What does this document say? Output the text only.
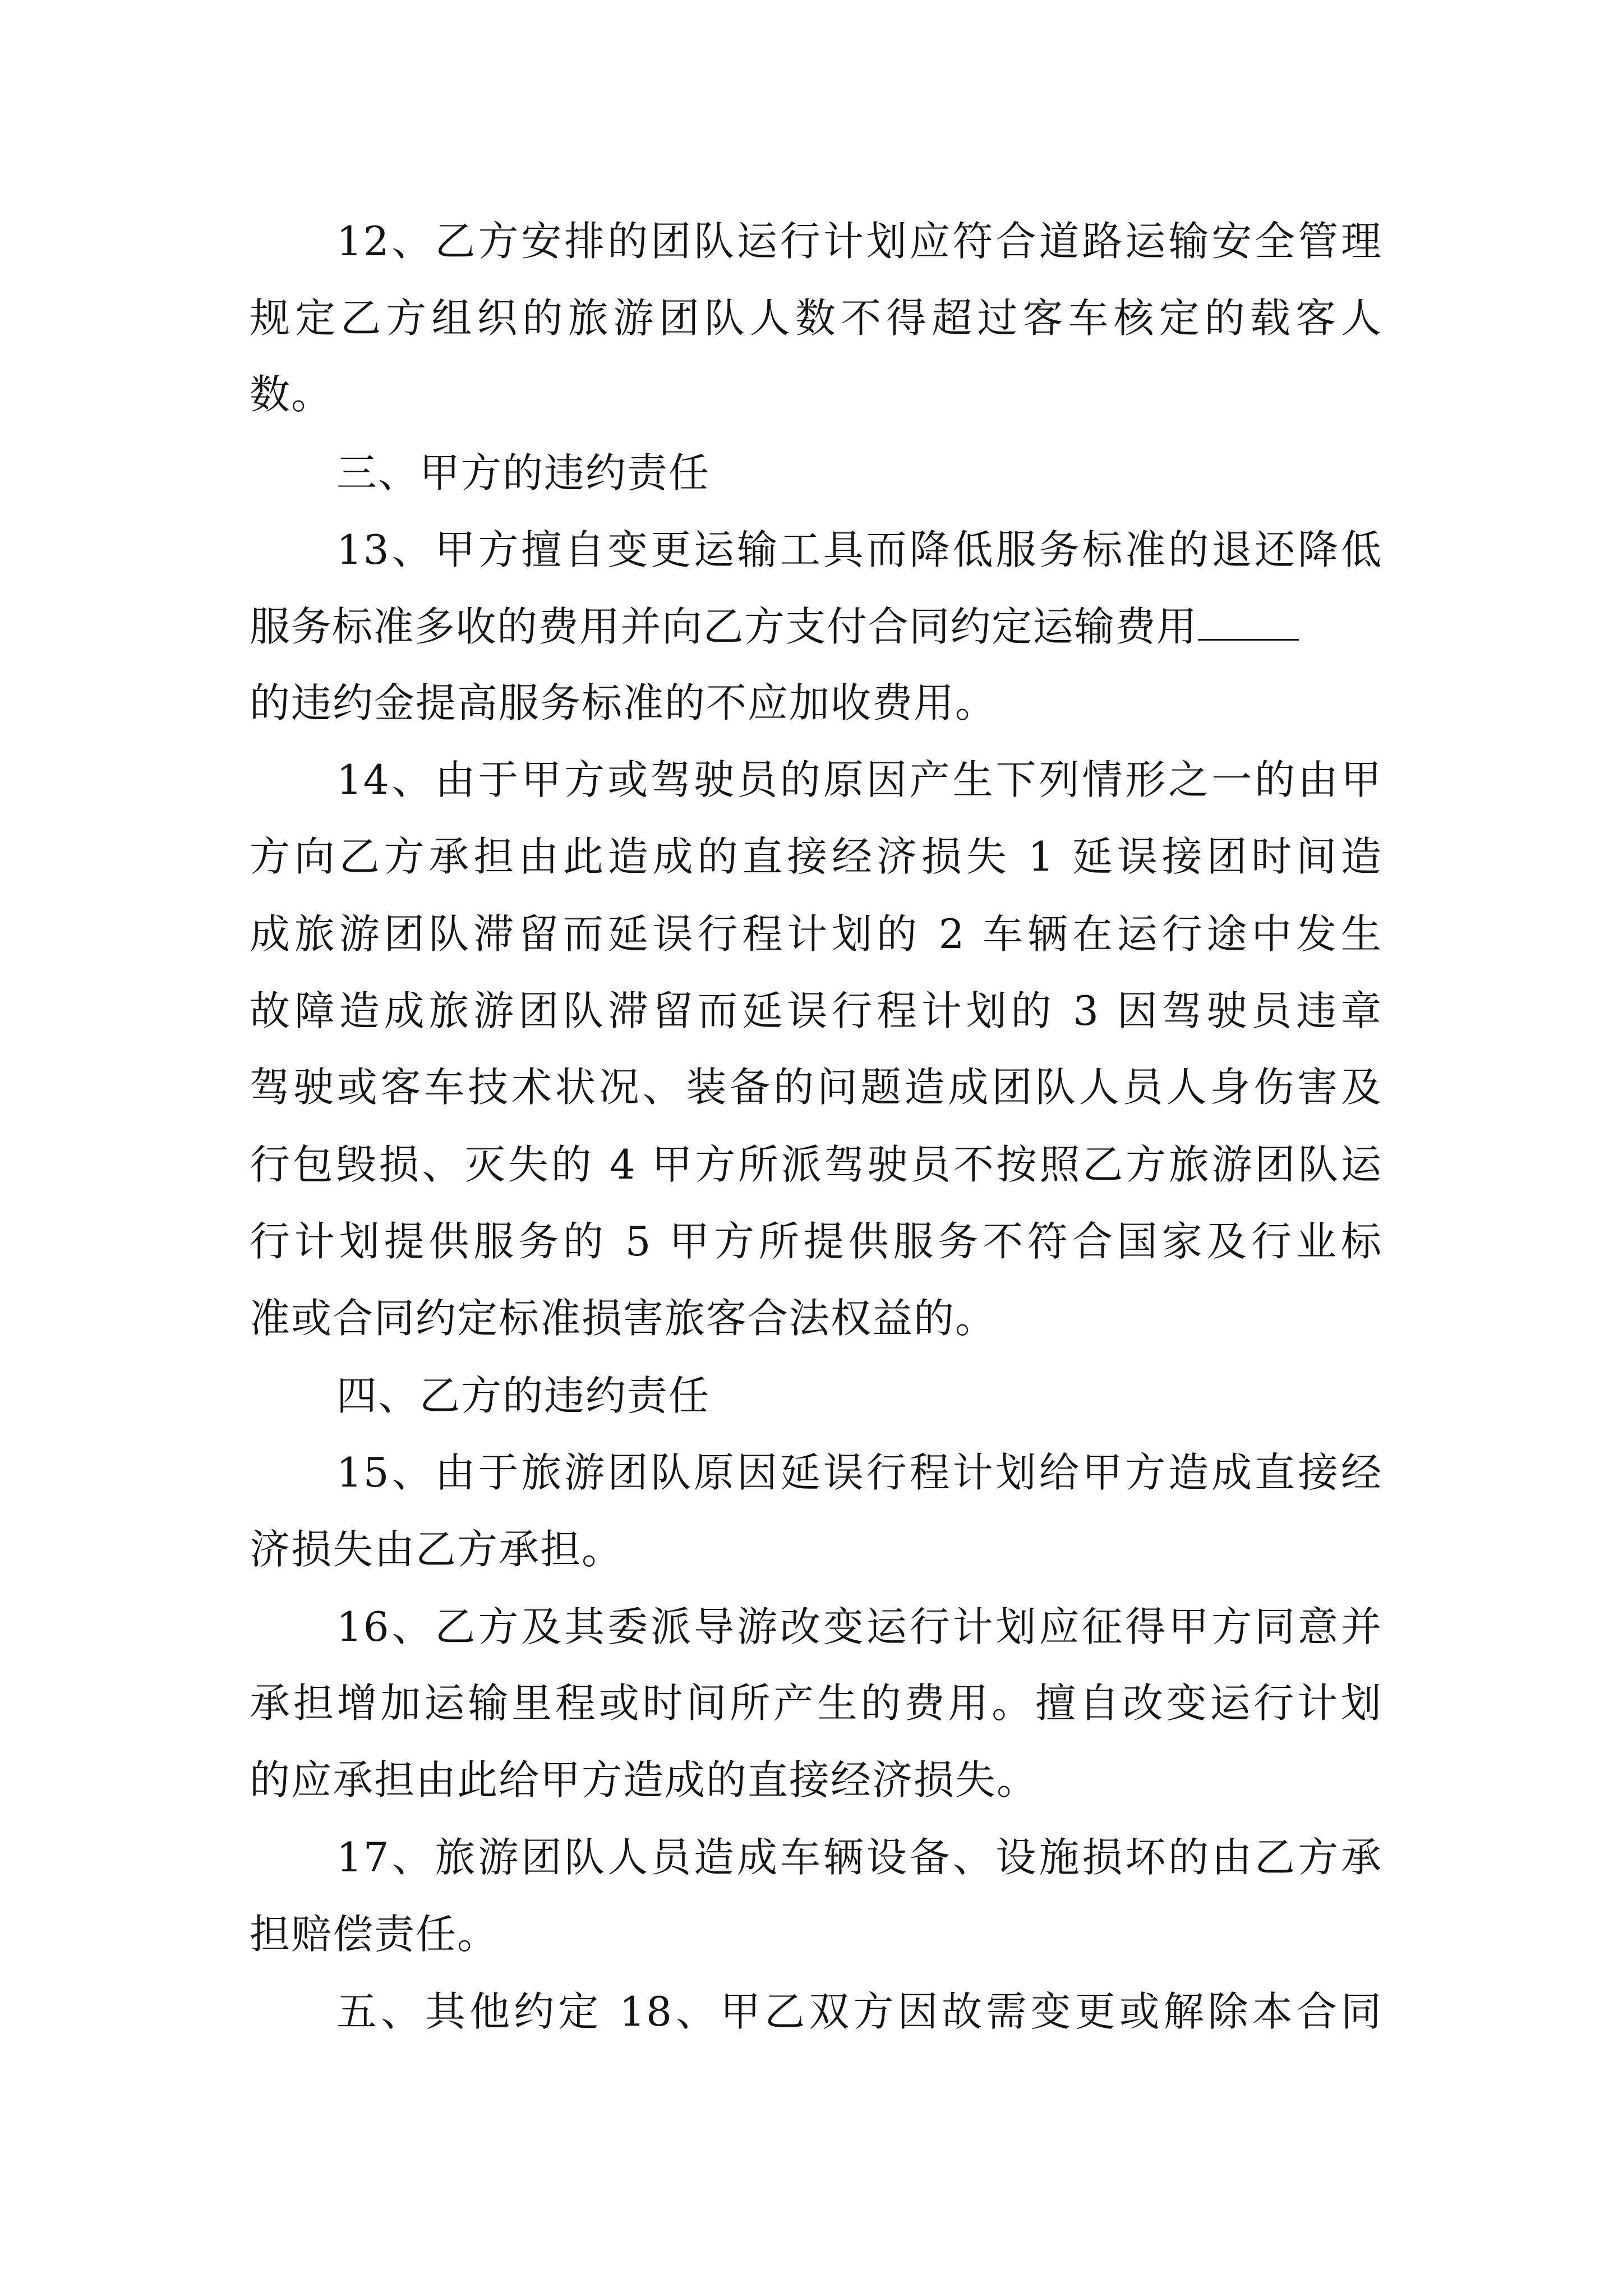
12、乙方安排的团队运行计划应符合道路运输安全管理
规定乙方组织的旅游团队人数不得超过客车核定的载客人
数。
三、甲方的违约责任
13、甲方擅自变更运输工具而降低服务标准的退还降低
服务标准多收的费用并向乙方支付合同约定运输费用
的违约金提高服务标准的不应加收费用。
14、由于甲方或驾驶员的原因产生下列情形之一的由甲
方向乙方承担由此造成的直接经济损失 1 延误接团时间造
成旅游团队滞留而延误行程计划的 2 车辆在运行途中发生
故障造成旅游团队滞留而延误行程计划的 3 因驾驶员违章
驾驶或客车技术状况、装备的问题造成团队人员人身伤害及
行包毁损、灭失的 4 甲方所派驾驶员不按照乙方旅游团队运
行计划提供服务的 5 甲方所提供服务不符合国家及行业标
准或合同约定标准损害旅客合法权益的。
四、乙方的违约责任
15、由于旅游团队原因延误行程计划给甲方造成直接经
济损失由乙方承担。
16、乙方及其委派导游改变运行计划应征得甲方同意并
承担增加运输里程或时间所产生的费用。擅自改变运行计划
的应承担由此给甲方造成的直接经济损失。
17、旅游团队人员造成车辆设备、设施损坏的由乙方承
担赔偿责任。
五、其他约定 18、甲乙双方因故需变更或解除本合同
